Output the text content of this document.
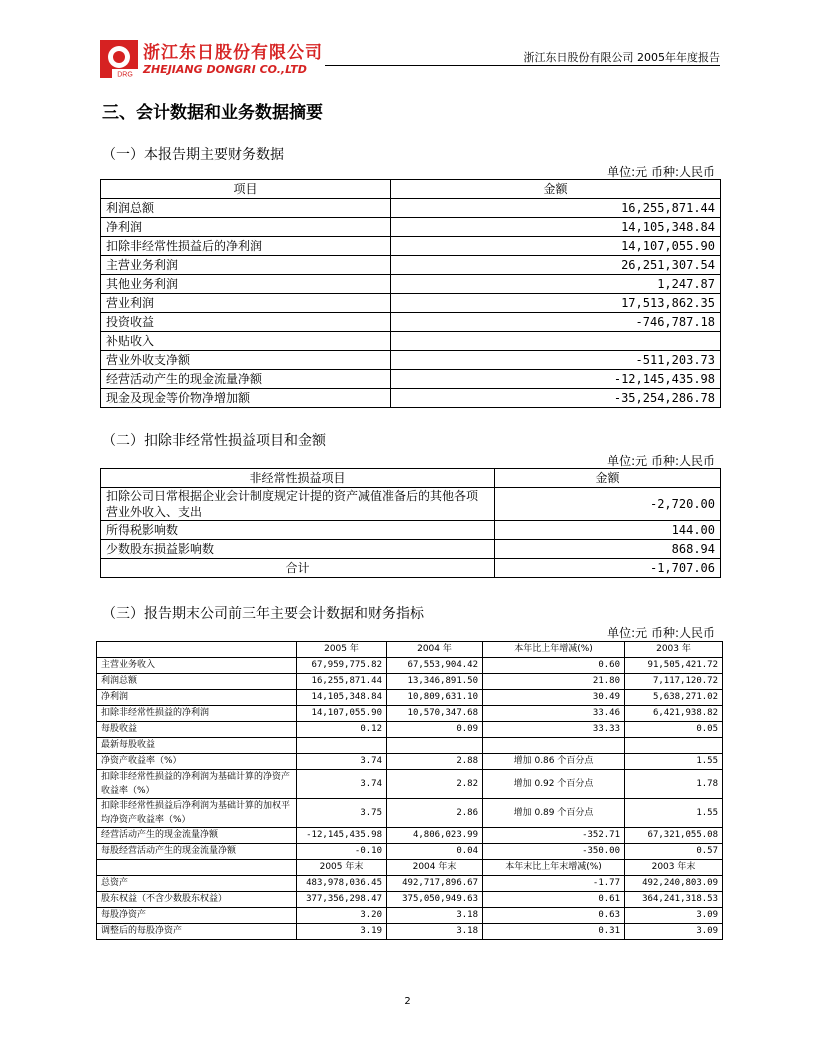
DRG
浙江东日股份有限公司
ZHEJIANG DONGRI CO.,LTD
浙江东日股份有限公司 2005年年度报告
三、会计数据和业务数据摘要
（一）本报告期主要财务数据
单位:元 币种:人民币
项目	金额
利润总额	16,255,871.44
净利润	14,105,348.84
扣除非经常性损益后的净利润	14,107,055.90
主营业务利润	26,251,307.54
其他业务利润	1,247.87
营业利润	17,513,862.35
投资收益	-746,787.18
补贴收入	
营业外收支净额	-511,203.73
经营活动产生的现金流量净额	-12,145,435.98
现金及现金等价物净增加额	-35,254,286.78
（二）扣除非经常性损益项目和金额
单位:元 币种:人民币
非经常性损益项目	金额
扣除公司日常根据企业会计制度规定计提的资产减值准备后的其他各项营业外收入、支出	-2,720.00
所得税影响数	144.00
少数股东损益影响数	868.94
合计	-1,707.06
（三）报告期末公司前三年主要会计数据和财务指标
单位:元 币种:人民币
	2005 年	2004 年	本年比上年增减(%)	2003 年
主营业务收入	67,959,775.82	67,553,904.42	0.60	91,505,421.72
利润总额	16,255,871.44	13,346,891.50	21.80	7,117,120.72
净利润	14,105,348.84	10,809,631.10	30.49	5,638,271.02
扣除非经常性损益的净利润	14,107,055.90	10,570,347.68	33.46	6,421,938.82
每股收益	0.12	0.09	33.33	0.05
最新每股收益				
净资产收益率（%）	3.74	2.88	增加 0.86 个百分点	1.55
扣除非经常性损益的净利润为基础计算的净资产收益率（%）	3.74	2.82	增加 0.92 个百分点	1.78
扣除非经常性损益后净利润为基础计算的加权平均净资产收益率（%）	3.75	2.86	增加 0.89 个百分点	1.55
经营活动产生的现金流量净额	-12,145,435.98	4,806,023.99	-352.71	67,321,055.08
每股经营活动产生的现金流量净额	-0.10	0.04	-350.00	0.57
	2005 年末	2004 年末	本年末比上年末增减(%)	2003 年末
总资产	483,978,036.45	492,717,896.67	-1.77	492,240,803.09
股东权益（不含少数股东权益）	377,356,298.47	375,050,949.63	0.61	364,241,318.53
每股净资产	3.20	3.18	0.63	3.09
调整后的每股净资产	3.19	3.18	0.31	3.09
2
